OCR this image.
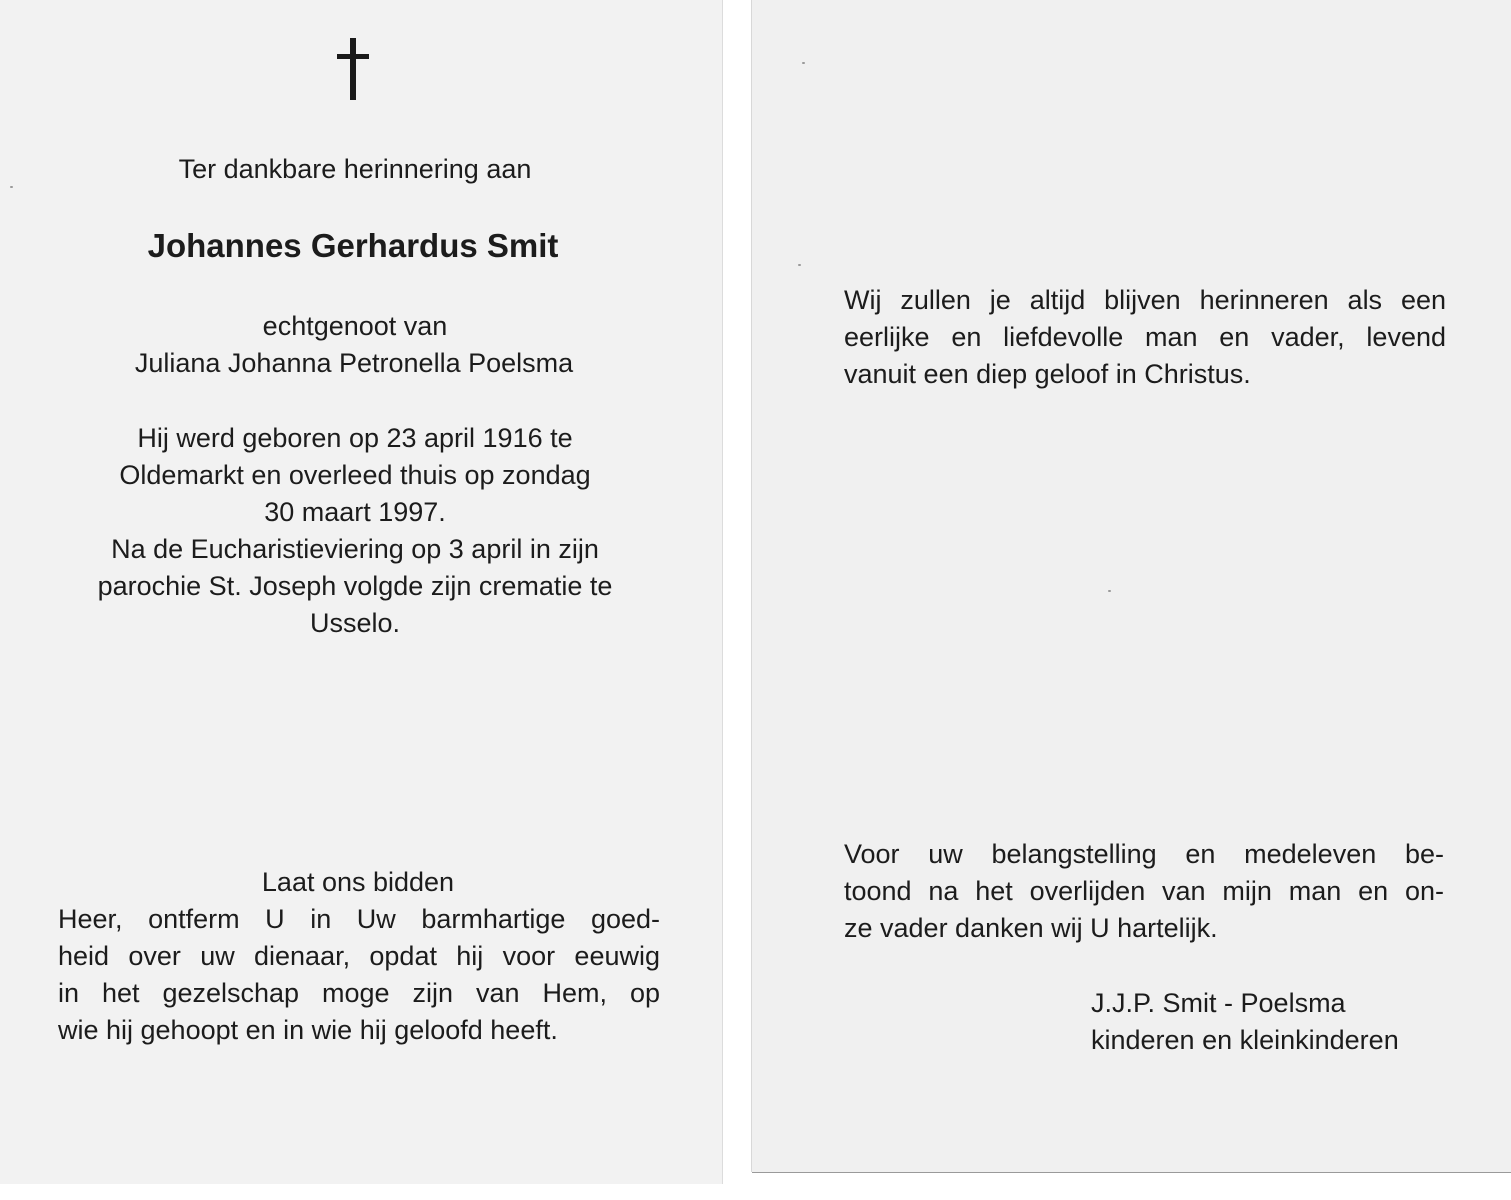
Ter dankbare herinnering aan
Johannes Gerhardus Smit
echtgenoot van
Juliana Johanna Petronella Poelsma
Hij werd geboren op 23 april 1916 te
Oldemarkt en overleed thuis op zondag
30 maart 1997.
Na de Eucharistieviering op 3 april in zijn
parochie St. Joseph volgde zijn crematie te
Usselo.
Laat ons bidden
Heer, ontferm U in Uw barmhartige goed-
heid over uw dienaar, opdat hij voor eeuwig
in het gezelschap moge zijn van Hem, op
wie hij gehoopt en in wie hij geloofd heeft.
Wij zullen je altijd blijven herinneren als een
eerlijke en liefdevolle man en vader, levend
vanuit een diep geloof in Christus.
Voor uw belangstelling en medeleven be-
toond na het overlijden van mijn man en on-
ze vader danken wij U hartelijk.
J.J.P. Smit - Poelsma
kinderen en kleinkinderen
